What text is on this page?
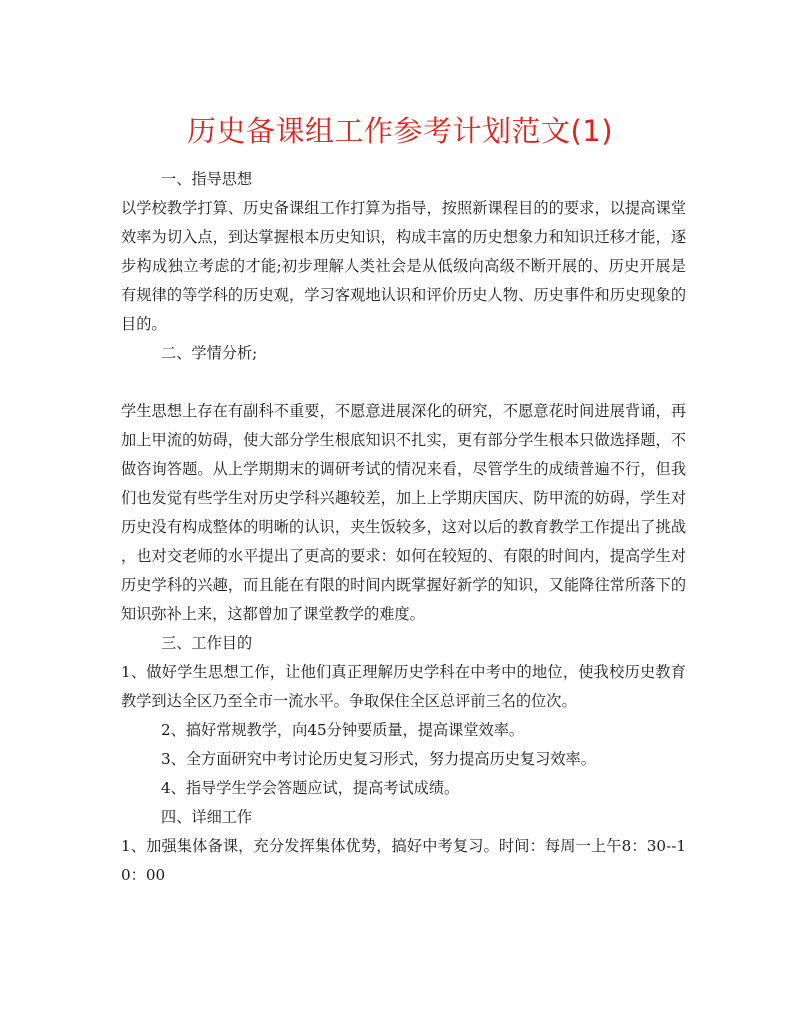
历史备课组工作参考计划范文(1)

一、指导思想

以学校教学打算、历史备课组工作打算为指导，按照新课程目的的要求，以提高课堂效率为切入点，到达掌握根本历史知识，构成丰富的历史想象力和知识迁移才能，逐步构成独立考虑的才能;初步理解人类社会是从低级向高级不断开展的、历史开展是有规律的等学科的历史观，学习客观地认识和评价历史人物、历史事件和历史现象的目的。

二、学情分析;

学生思想上存在有副科不重要，不愿意进展深化的研究，不愿意花时间进展背诵，再加上甲流的妨碍，使大部分学生根底知识不扎实，更有部分学生根本只做选择题，不做咨询答题。从上学期期末的调研考试的情况来看，尽管学生的成绩普遍不行，但我们也发觉有些学生对历史学科兴趣较差，加上上学期庆国庆、防甲流的妨碍，学生对历史没有构成整体的明晰的认识，夹生饭较多，这对以后的教育教学工作提出了挑战，也对交老师的水平提出了更高的要求：如何在较短的、有限的时间内，提高学生对历史学科的兴趣，而且能在有限的时间内既掌握好新学的知识，又能降往常所落下的知识弥补上来，这都曾加了课堂教学的难度。

三、工作目的

1、做好学生思想工作，让他们真正理解历史学科在中考中的地位，使我校历史教育教学到达全区乃至全市一流水平。争取保住全区总评前三名的位次。

2、搞好常规教学，向45分钟要质量，提高课堂效率。

3、全方面研究中考讨论历史复习形式，努力提高历史复习效率。

4、指导学生学会答题应试，提高考试成绩。

四、详细工作

1、加强集体备课，充分发挥集体优势，搞好中考复习。时间：每周一上午8：30--10：00
